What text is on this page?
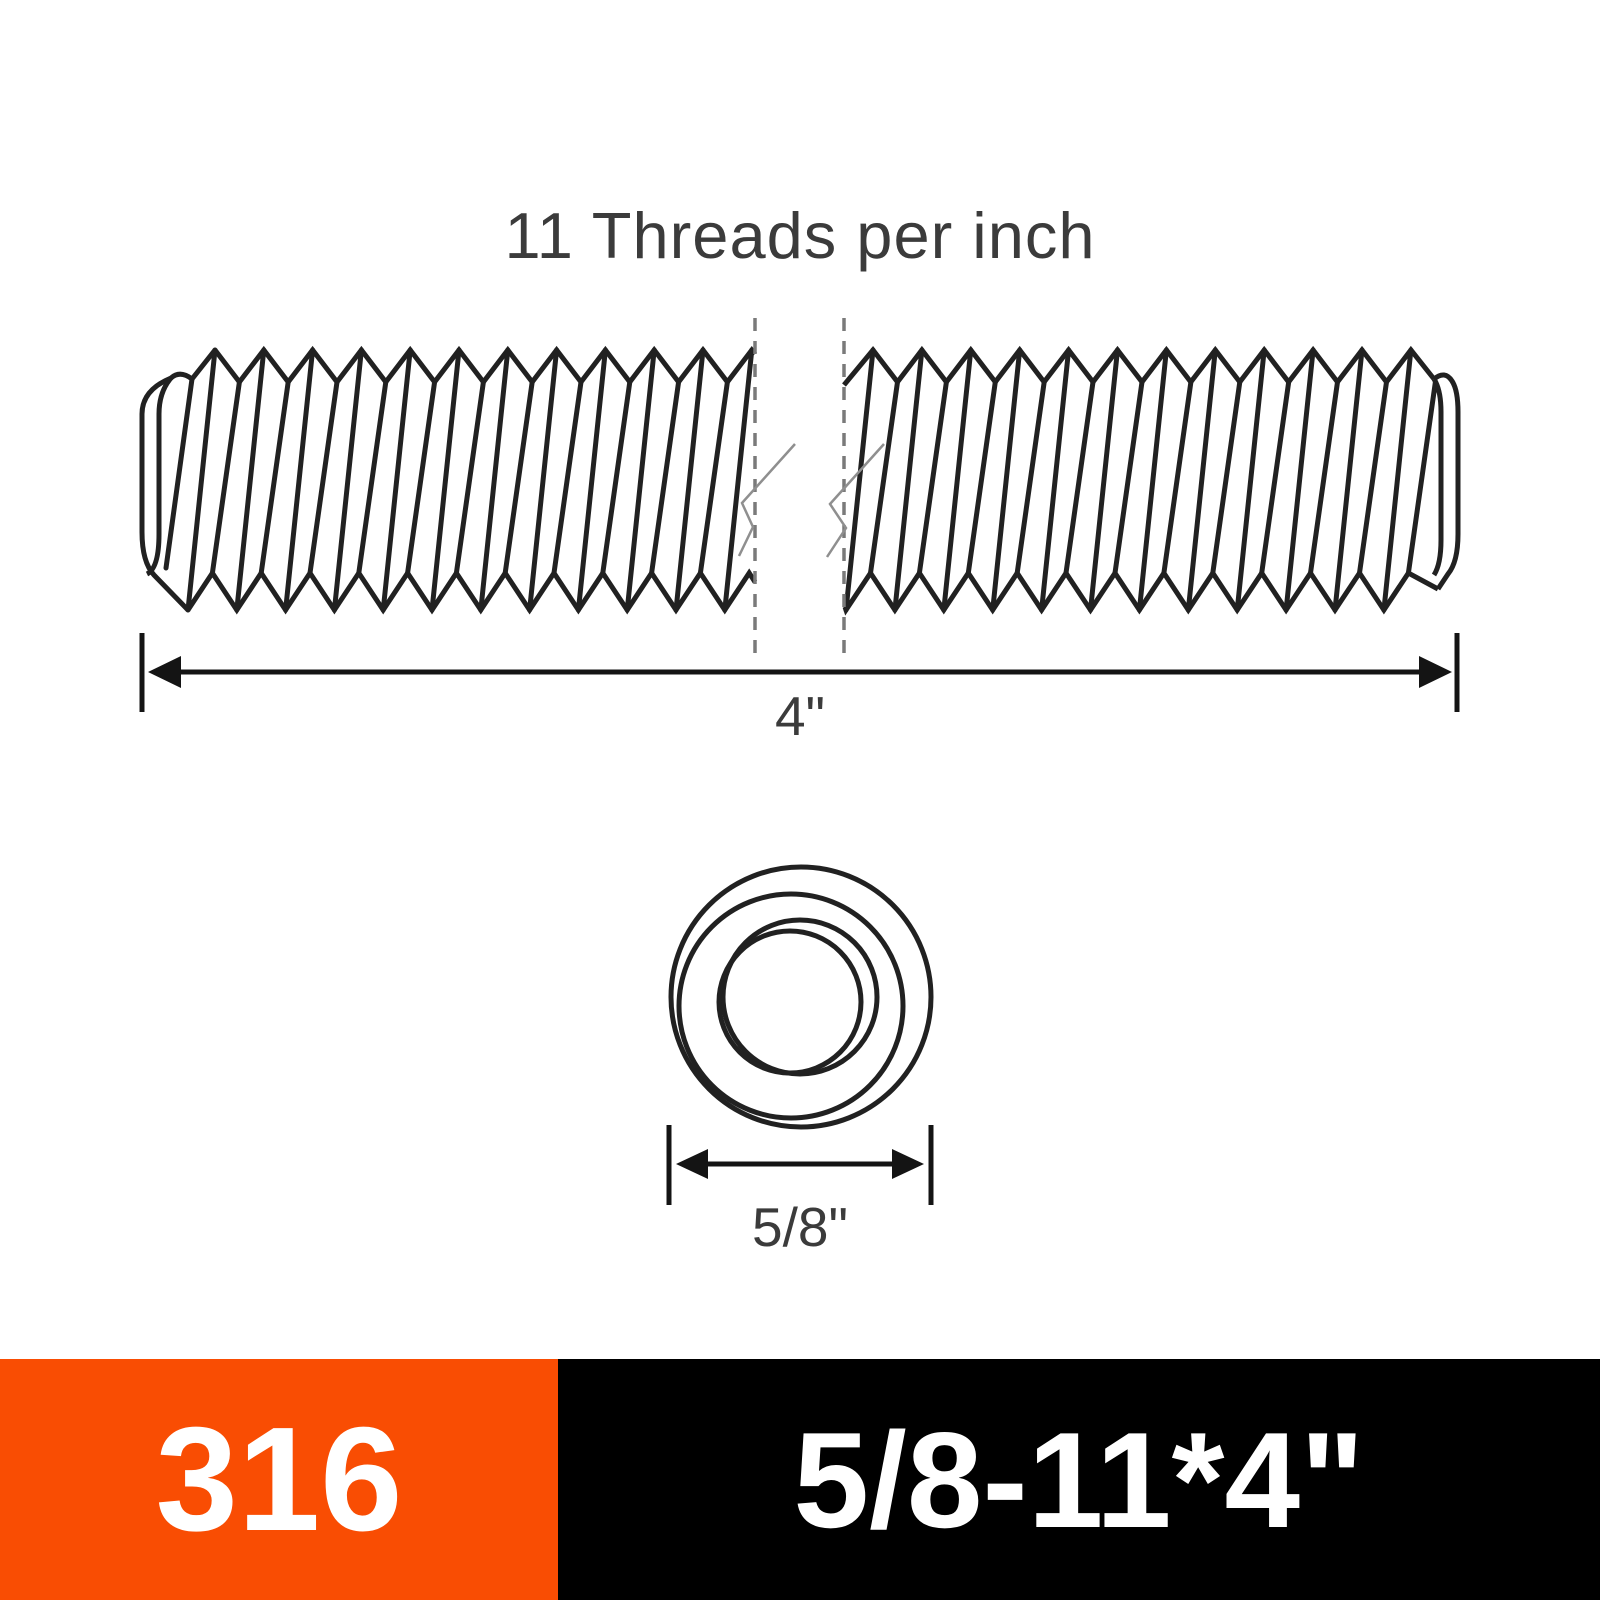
11 Threads per inch
4"
5/8"
316	5/8-11*4"
